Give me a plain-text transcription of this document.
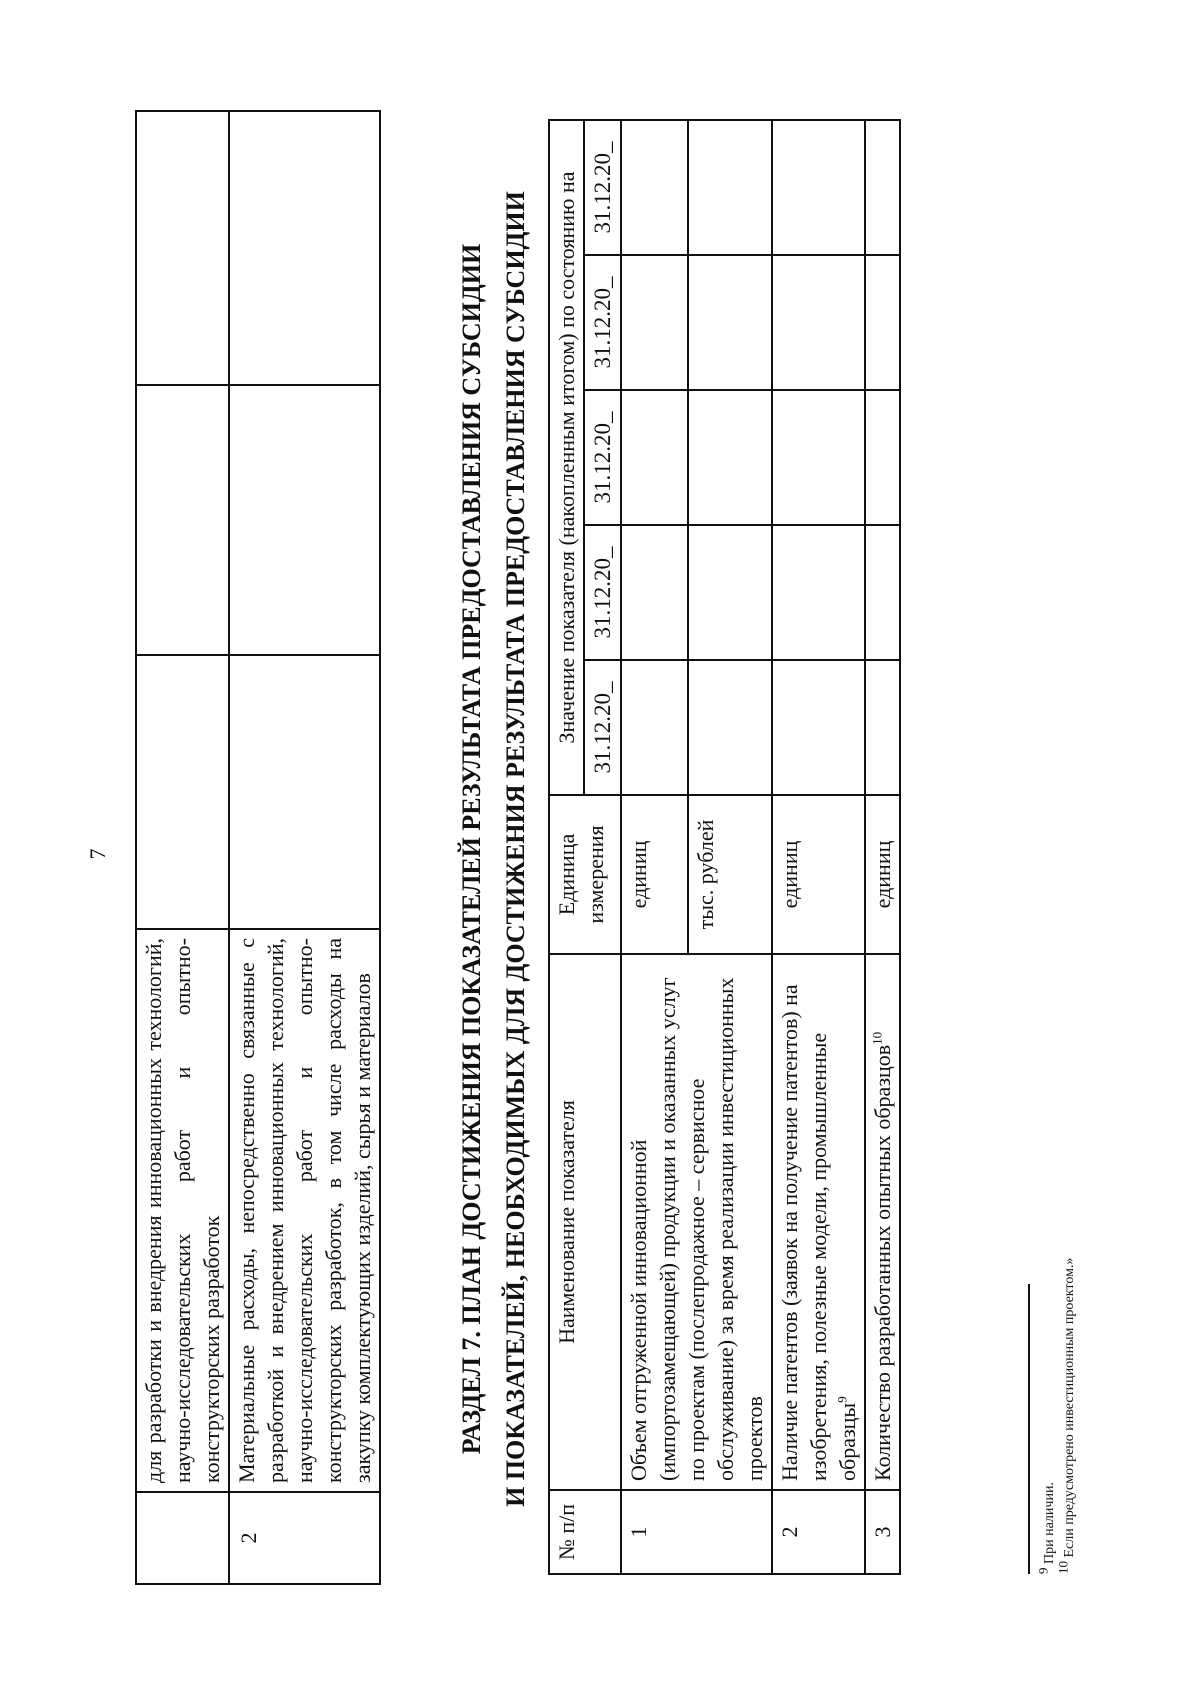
7

	для разработки и внедрения инновационных технологий, научно-исследовательских работ и опытно- конструкторских разработок			

2	Материальные расходы, непосредственно связанные с разработкой и внедрением инновационных технологий, научно-исследовательских работ и опытно- конструкторских разработок, в том числе расходы на закупку комплектующих изделий, сырья и материалов			
				РАЗДЕЛ 7. ПЛАН ДОСТИЖЕНИЯ ПОКАЗАТЕЛЕЙ РЕЗУЛЬТАТА ПРЕДОСТАВЛЕНИЯ СУБСИДИИ И ПОКАЗАТЕЛЕЙ, НЕОБХОДИМЫХ ДЛЯ ДОСТИЖЕНИЯ РЕЗУЛЬТАТА ПРЕДОСТАВЛЕНИЯ СУБСИДИИ
№ п/п	Наименование показателя	Единица измерения	Значение показателя (накопленным итогом) по состоянию на				
			31.12.20_	31.12.20_	31.12.20_	31.12.20_	31.12.20_
1	Объем отгруженной инновационной (импортозамещающей) продукции и оказанных услуг по проектам (послепродажное – сервисное обслуживание) за время реализации инвестиционных проектов	единиц					
		тыс. рублей					
2	Наличие патентов (заявок на получение патентов) на изобретения, полезные модели, промышленные образцы$^9$	единиц					
3	Количество разработанных опытных образцов$^{10}$	единиц					
$^9$ При наличии.
$^{10}$ Если предусмотрено инвестиционным проектом.»
